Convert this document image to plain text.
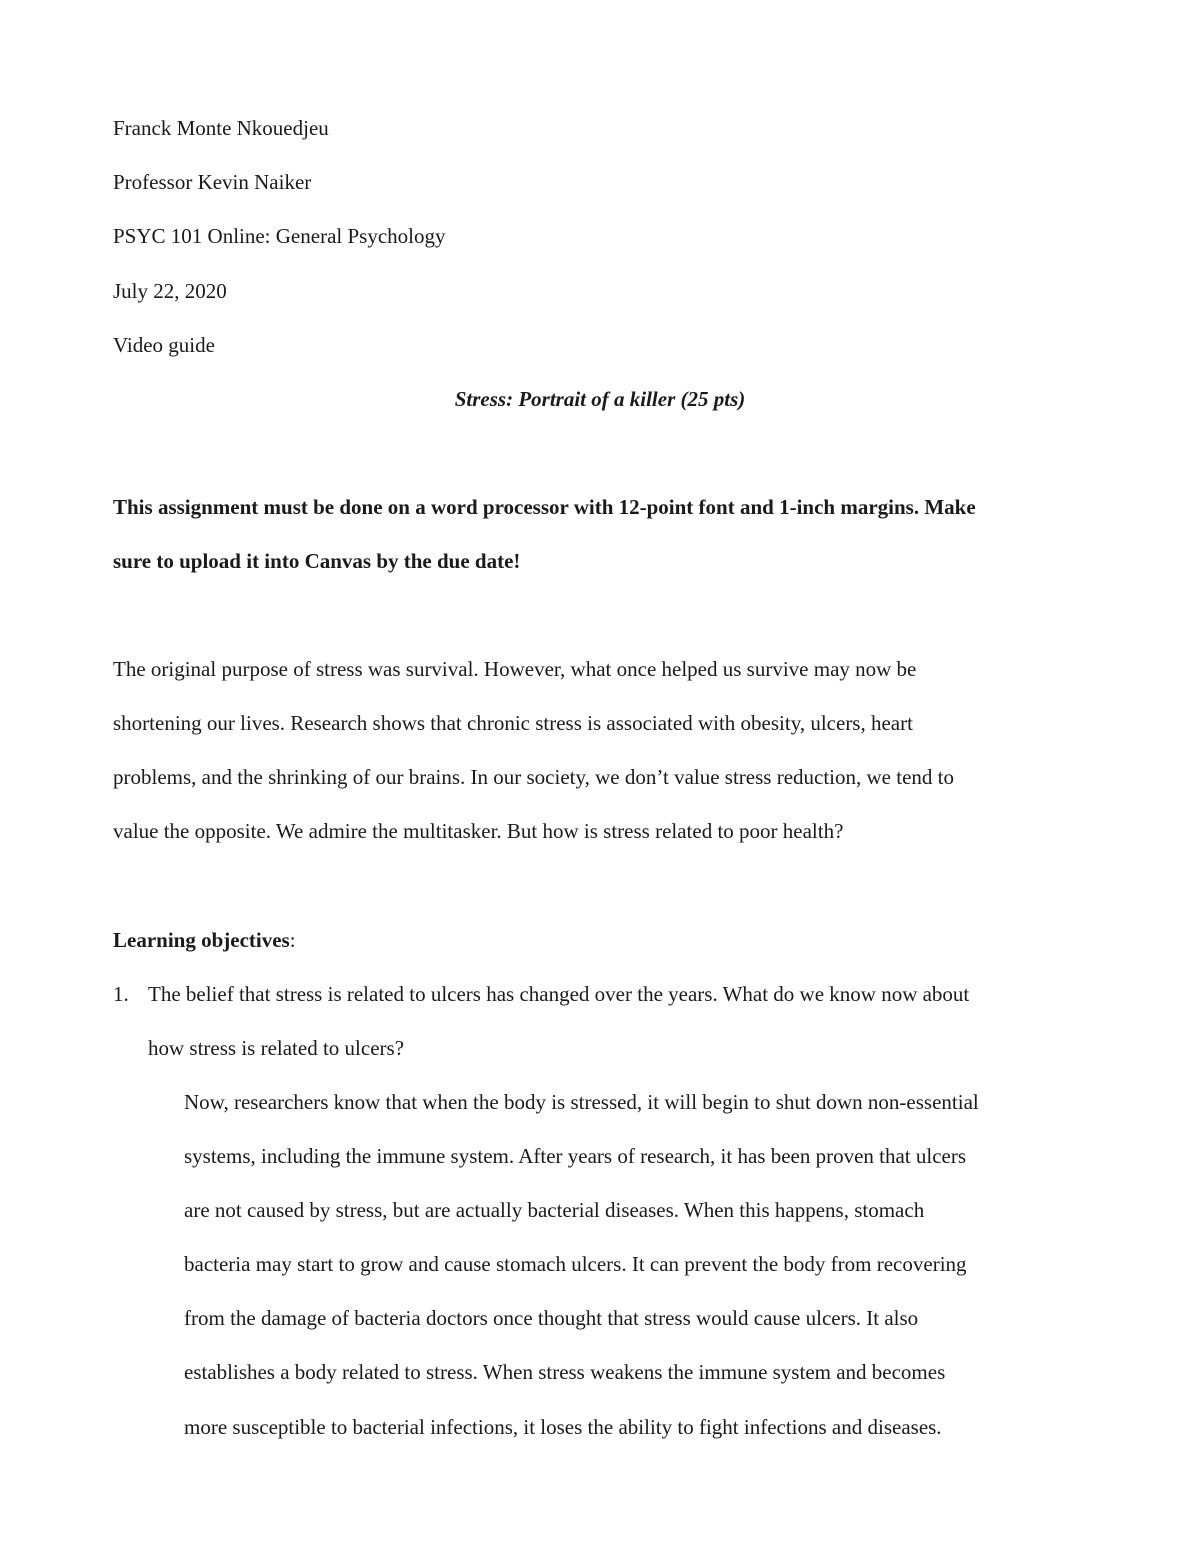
Franck Monte Nkouedjeu
Professor Kevin Naiker
PSYC 101 Online: General Psychology
July 22, 2020
Video guide
Stress: Portrait of a killer (25 pts)
This assignment must be done on a word processor with 12-point font and 1-inch margins. Make
sure to upload it into Canvas by the due date!
The original purpose of stress was survival. However, what once helped us survive may now be
shortening our lives. Research shows that chronic stress is associated with obesity, ulcers, heart
problems, and the shrinking of our brains. In our society, we don’t value stress reduction, we tend to
value the opposite. We admire the multitasker. But how is stress related to poor health?
Learning objectives:
1. The belief that stress is related to ulcers has changed over the years. What do we know now about
how stress is related to ulcers?
Now, researchers know that when the body is stressed, it will begin to shut down non-essential
systems, including the immune system. After years of research, it has been proven that ulcers
are not caused by stress, but are actually bacterial diseases. When this happens, stomach
bacteria may start to grow and cause stomach ulcers. It can prevent the body from recovering
from the damage of bacteria doctors once thought that stress would cause ulcers. It also
establishes a body related to stress. When stress weakens the immune system and becomes
more susceptible to bacterial infections, it loses the ability to fight infections and diseases.
